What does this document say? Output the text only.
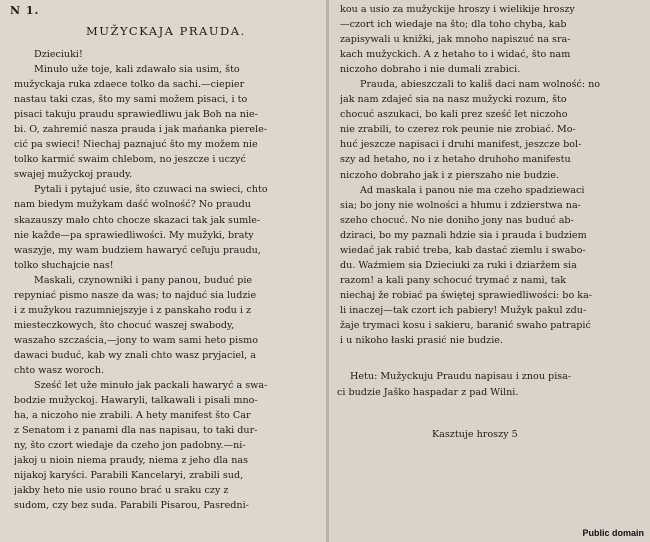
N 1.
MUŽYCKAJA PRAUDA.
Dzieciuki!
Minuło uže toje, kali zdawało sia usim, što
mužyckaja ruka zdaece tolko da sachi.—ciepier
nastau taki czas, što my sami možem pisaci, i to
pisaci takuju praudu sprawiedliwu jak Boh na nie-
bi. O, zahremić nasza prauda i jak mańanka pierele-
cić pa swieci! Niechaj paznajuć što my možem nie
tolko karmić swaim chlebom, no jeszcze i uczyć
swajej mužyckoj praudy.
Pytali i pytajuć usie, što czuwaci na swieci, chto
nam biedym mužykam daść wolność? No praudu
skazauszy mało chto chocze skazaci tak jak sumle-
nie každe—pa sprawiedliwości. My mužyki, braty
waszyje, my wam budziem hawaryć ceľuju praudu,
tolko słuchajcie nas!
Maskali, czynowniki i pany panou, buduć pie
repyniać pismo nasze da was; to najduć sia ludzie
i z mužykou razumniejszyje i z panskaho rodu i z
miesteczkowych, što chocuć waszej swabody,
waszaho szczaścia,—jony to wam sami heto pismo
dawaci buduć, kab wy znali chto wasz pryjaciel, a
chto wasz woroch.
Sześć let uže minuło jak packali hawaryć a swa-
bodzie mužyckoj. Hawaryli, talkawali i pisali mno-
ha, a niczoho nie zrabili. A hety manifest što Car
z Senatom i z panami dla nas napisau, to taki dur-
ny, što czort wiedaje da czeho jon padobny.—ni-
jakoj u nioin niema praudy, niema z jeho dla nas
nijakoj karyści. Parabili Kancelaryi, zrabili sud,
jakby heto nie usio rouno brać u sraku czy z
sudom, czy bez suda. Parabili Pisarou, Pasredni-
kou a usio za mužyckije hroszy i wielikije hroszy
—czort ich wiedaje na što; dla toho chyba, kab
zapisywali u knižki, jak mnoho napiszuć na sra-
kach mužyckich. A z hetaho to i widać, što nam
niczoho dobraho i nie dumali zrabici.
Prauda, abieszczali to kališ daci nam wolność: no
jak nam zdajeć sia na nasz mužycki rozum, što
chocuć aszukaci, bo kali prez sześć let niczoho
nie zrabili, to czerez rok peunie nie zrobiać. Mo-
huć jeszcze napisaci i druhi manifest, jeszcze bol-
szy ad hetaho, no i z hetaho druhoho manifestu
niczoho dobraho jak i z pierszaho nie budzie.
Ad maskala i panou nie ma czeho spadziewaci
sia; bo jony nie wolności a hłumu i zdzierstwa na-
szeho chocuć. No nie doniho jony nas buduć ab-
dziraci, bo my paznali hdzie sia i prauda i budziem
wiedać jak rabić treba, kab dastać ziemlu i swabo-
du. Waźmiem sia Dzieciuki za ruki i dziaržem sia
razom! a kali pany schocuć trymać z nami, tak
niechaj že robiać pa świętej sprawiedliwości: bo ka-
li inaczej—tak czort ich pabiery! Mužyk pakul zdu-
žaje trymaci kosu i sakieru, baranić swaho patrapić
i u nikoho łaski prasić nie budzie.
Hetu: Mužyckuju Praudu napisau i znou pisa-
ci budzie Jaško haspadar z pad Wilni.
Kasztuje hroszy 5
Public domain
